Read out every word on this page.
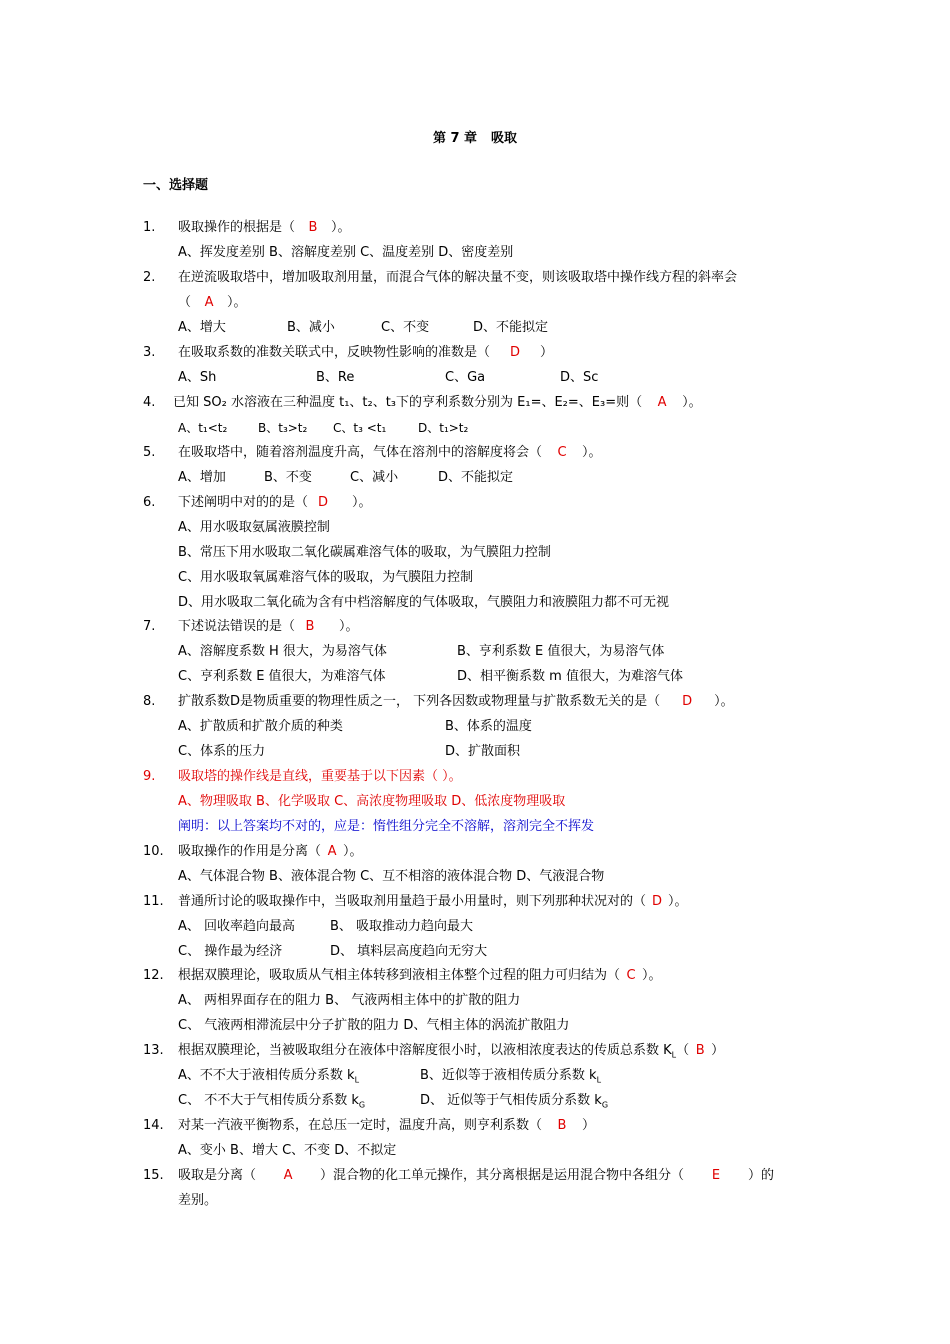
第 7 章 吸取
一、选择题
1. 吸取操作的根据是（ B ）。
A、挥发度差别 B、溶解度差别 C、温度差别 D、密度差别
2. 在逆流吸取塔中，增加吸取剂用量，而混合气体的解决量不变，则该吸取塔中操作线方程的斜率会
（ A ）。
A、增大	B、减小	C、不变	D、不能拟定
3. 在吸取系数的准数关联式中，反映物性影响的准数是（ D ）
A、Sh	B、Re	C、Ga	D、Sc
4. 已知 SO₂ 水溶液在三种温度 t₁、t₂、t₃下的亨利系数分别为 E₁=、E₂=、E₃=则（ A ）。
A、t₁<t₂	B、t₃>t₂ C、t₃ <t₁	D、t₁>t₂
5. 在吸取塔中，随着溶剂温度升高，气体在溶剂中的溶解度将会（ C ）。
A、增加	B、不变	C、减小	D、不能拟定
6. 下述阐明中对的的是（ D ）。
A、用水吸取氨属液膜控制
B、常压下用水吸取二氧化碳属难溶气体的吸取，为气膜阻力控制
C、用水吸取氧属难溶气体的吸取，为气膜阻力控制
D、用水吸取二氧化硫为含有中档溶解度的气体吸取，气膜阻力和液膜阻力都不可无视
7. 下述说法错误的是（ B ）。
A、溶解度系数 H 很大，为易溶气体	B、亨利系数 E 值很大，为易溶气体
C、亨利系数 E 值很大，为难溶气体	D、相平衡系数 m 值很大，为难溶气体
8. 扩散系数D是物质重要的物理性质之一， 下列各因数或物理量与扩散系数无关的是（ D ）。
A、扩散质和扩散介质的种类	B、体系的温度
C、体系的压力	D、扩散面积
9. 吸取塔的操作线是直线，重要基于以下因素（ ）。
A、物理吸取 B、化学吸取 C、高浓度物理吸取 D、低浓度物理吸取
阐明：以上答案均不对的，应是：惰性组分完全不溶解，溶剂完全不挥发
10. 吸取操作的作用是分离（ A ）。
A、气体混合物 B、液体混合物 C、互不相溶的液体混合物 D、气液混合物
11. 普通所讨论的吸取操作中，当吸取剂用量趋于最小用量时，则下列那种状况对的（ D ）。
A、 回收率趋向最高	B、 吸取推动力趋向最大
C、 操作最为经济	D、 填料层高度趋向无穷大
12. 根据双膜理论，吸取质从气相主体转移到液相主体整个过程的阻力可归结为（ C ）。
A、 两相界面存在的阻力 B、 气液两相主体中的扩散的阻力
C、 气液两相滞流层中分子扩散的阻力 D、气相主体的涡流扩散阻力
13. 根据双膜理论，当被吸取组分在液体中溶解度很小时，以液相浓度表达的传质总系数 $K_L$（ B ）
A、不不大于液相传质分系数 $k_L$	B、近似等于液相传质分系数 $k_L$
C、 不不大于气相传质分系数 $k_G$	D、 近似等于气相传质分系数 $k_G$
14. 对某一汽液平衡物系，在总压一定时，温度升高，则亨利系数（ B ）
A、变小 B、增大 C、不变 D、不拟定
15. 吸取是分离（ A ）混合物的化工单元操作，其分离根据是运用混合物中各组分（ E ）的
差别。
